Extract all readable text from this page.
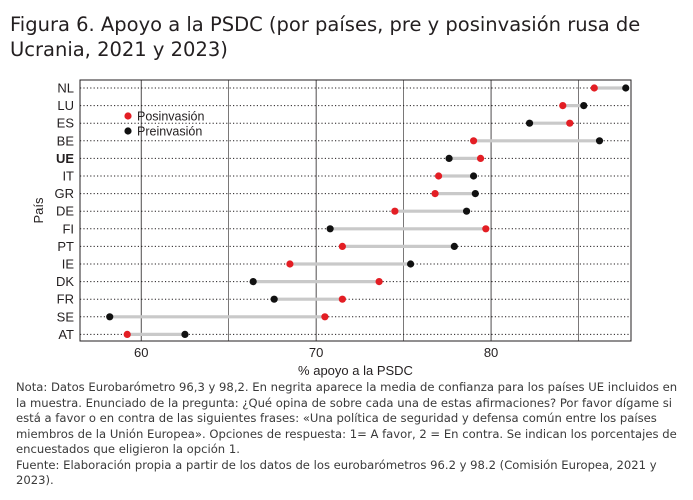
Figura 6. Apoyo a la PSDC (por países, pre y posinvasión rusa de Ucrania, 2021 y 2023)
NL
LU
ES
BE
UE
IT
GR
DE
FI
PT
IE
DK
FR
SE
AT
60	70	80
% apoyo a la PSDC
País
Posinvasión
Preinvasión

Nota: Datos Eurobarómetro 96,3 y 98,2. En negrita aparece la media de confianza para los países UE incluidos en la muestra. Enunciado de la pregunta: ¿Qué opina de sobre cada una de estas afirmaciones? Por favor dígame si está a favor o en contra de las siguientes frases: «Una política de seguridad y defensa común entre los países miembros de la Unión Europea». Opciones de respuesta: 1= A favor, 2 = En contra. Se indican los porcentajes de encuestados que eligieron la opción 1.

Fuente: Elaboración propia a partir de los datos de los eurobarómetros 96.2 y 98.2 (Comisión Europea, 2021 y 2023).
